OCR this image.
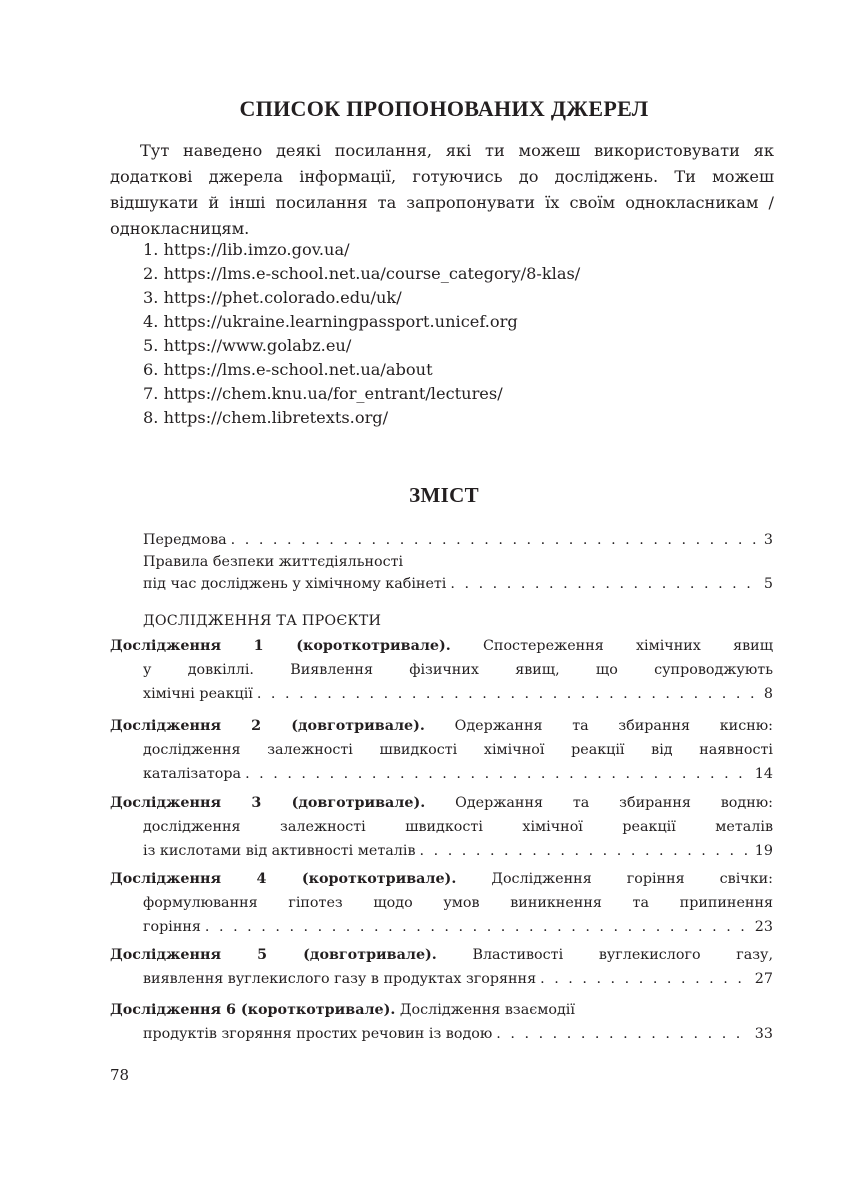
СПИСОК ПРОПОНОВАНИХ ДЖЕРЕЛ

Тут наведено деякі посилання, які ти можеш використовувати як додаткові джерела інформації, готуючись до досліджень. Ти можеш відшукати й інші посилання та запропонувати їх своїм однокласникам / однокласницям.

1. https://lib.imzo.gov.ua/
2. https://lms.e-school.net.ua/course_category/8-klas/
3. https://phet.colorado.edu/uk/
4. https://ukraine.learningpassport.unicef.org
5. https://www.golabz.eu/
6. https://lms.e-school.net.ua/about
7. https://chem.knu.ua/for_entrant/lectures/
8. https://chem.libretexts.org/
ЗМІСТ
Передмова . . .	3
Правила безпеки життєдіяльності
під час досліджень у хімічному кабінеті . . .	5
ДОСЛІДЖЕННЯ ТА ПРОЄКТИ
Дослідження 1 (короткотривале). Спостереження хімічних явищ
у довкіллі. Виявлення фізичних явищ, що супроводжують
хімічні реакції . . .	8
Дослідження 2 (довготривале). Одержання та збирання кисню:
дослідження залежності швидкості хімічної реакції від наявності
каталізатора . . .	14
Дослідження 3 (довготривале). Одержання та збирання водню:
дослідження залежності швидкості хімічної реакції металів
із кислотами від активності металів . . .	19
Дослідження 4 (короткотривале). Дослідження горіння свічки:
формулювання гіпотез щодо умов виникнення та припинення
горіння . . .	23
Дослідження 5 (довготривале). Властивості вуглекислого газу,
виявлення вуглекислого газу в продуктах згоряння . . .	27
Дослідження 6 (короткотривале).
Дослідження взаємодії
продуктів згоряння простих речовин із водою . . .	33
78
